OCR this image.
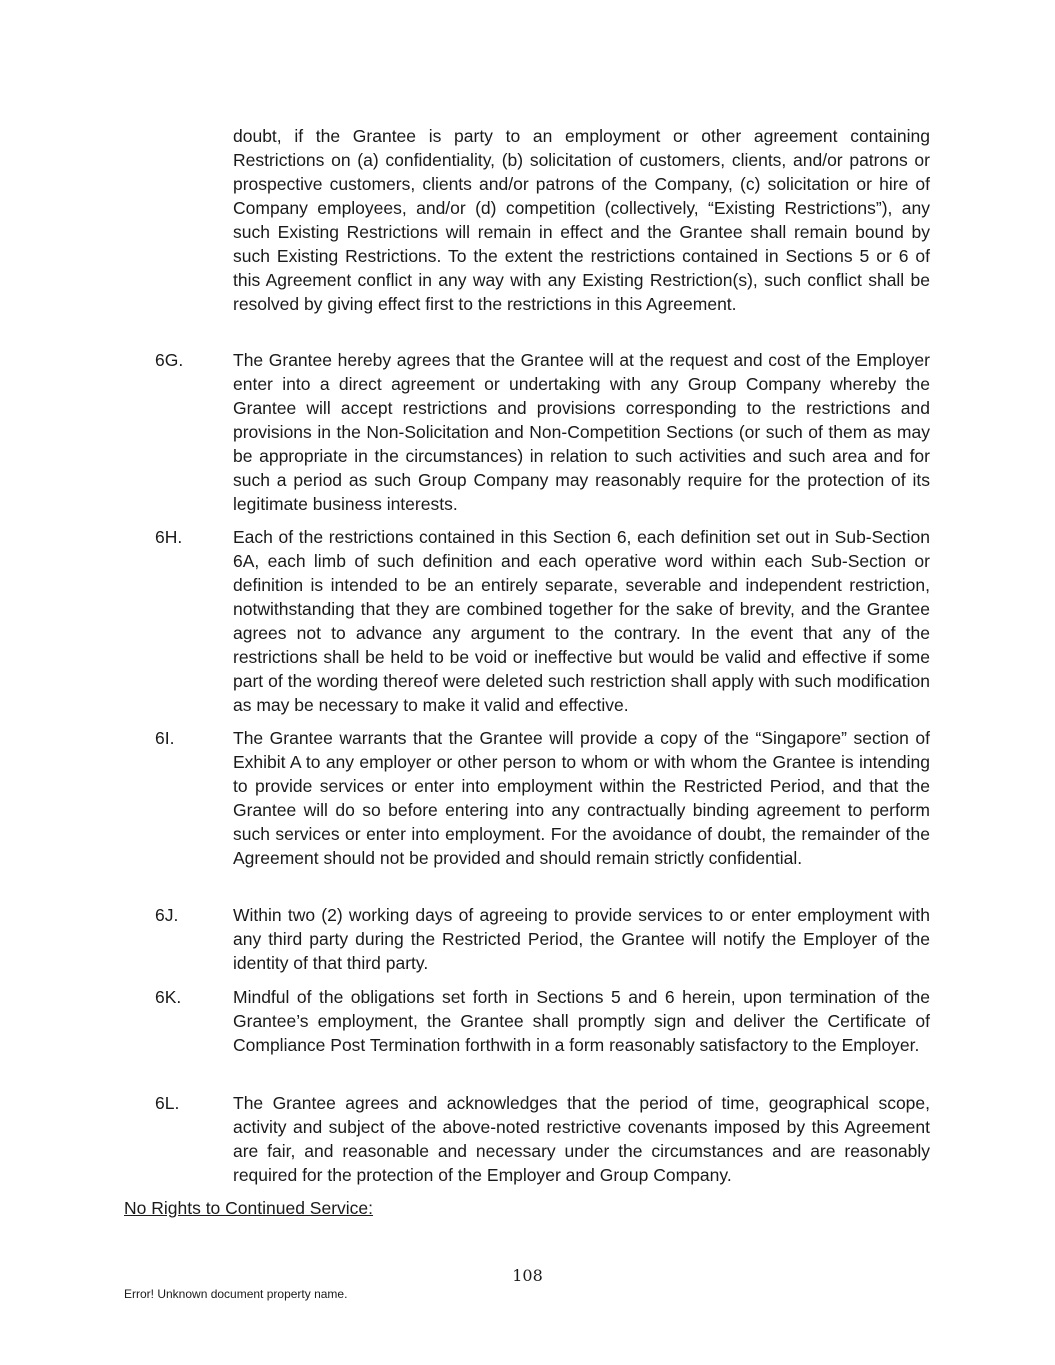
doubt, if the Grantee is party to an employment or other agreement containing Restrictions on (a) confidentiality, (b) solicitation of customers, clients, and/or patrons or prospective customers, clients and/or patrons of the Company, (c) solicitation or hire of Company employees, and/or (d) competition (collectively, “Existing Restrictions”), any such Existing Restrictions will remain in effect and the Grantee shall remain bound by such Existing Restrictions. To the extent the restrictions contained in Sections 5 or 6 of this Agreement conflict in any way with any Existing Restriction(s), such conflict shall be resolved by giving effect first to the restrictions in this Agreement.

6G.	The Grantee hereby agrees that the Grantee will at the request and cost of the Employer enter into a direct agreement or undertaking with any Group Company whereby the Grantee will accept restrictions and provisions corresponding to the restrictions and provisions in the Non-Solicitation and Non-Competition Sections (or such of them as may be appropriate in the circumstances) in relation to such activities and such area and for such a period as such Group Company may reasonably require for the protection of its legitimate business interests.
6H.	Each of the restrictions contained in this Section 6, each definition set out in Sub-Section 6A, each limb of such definition and each operative word within each Sub-Section or definition is intended to be an entirely separate, severable and independent restriction, notwithstanding that they are combined together for the sake of brevity, and the Grantee agrees not to advance any argument to the contrary. In the event that any of the restrictions shall be held to be void or ineffective but would be valid and effective if some part of the wording thereof were deleted such restriction shall apply with such modification as may be necessary to make it valid and effective.
6I.	The Grantee warrants that the Grantee will provide a copy of the “Singapore” section of Exhibit A to any employer or other person to whom or with whom the Grantee is intending to provide services or enter into employment within the Restricted Period, and that the Grantee will do so before entering into any contractually binding agreement to perform such services or enter into employment. For the avoidance of doubt, the remainder of the Agreement should not be provided and should remain strictly confidential.
6J.	Within two (2) working days of agreeing to provide services to or enter employment with any third party during the Restricted Period, the Grantee will notify the Employer of the identity of that third party.
6K.	Mindful of the obligations set forth in Sections 5 and 6 herein, upon termination of the Grantee’s employment, the Grantee shall promptly sign and deliver the Certificate of Compliance Post Termination forthwith in a form reasonably satisfactory to the Employer.
6L.	The Grantee agrees and acknowledges that the period of time, geographical scope, activity and subject of the above-noted restrictive covenants imposed by this Agreement are fair, and reasonable and necessary under the circumstances and are reasonably required for the protection of the Employer and Group Company.

No Rights to Continued Service:

108

Error! Unknown document property name.
